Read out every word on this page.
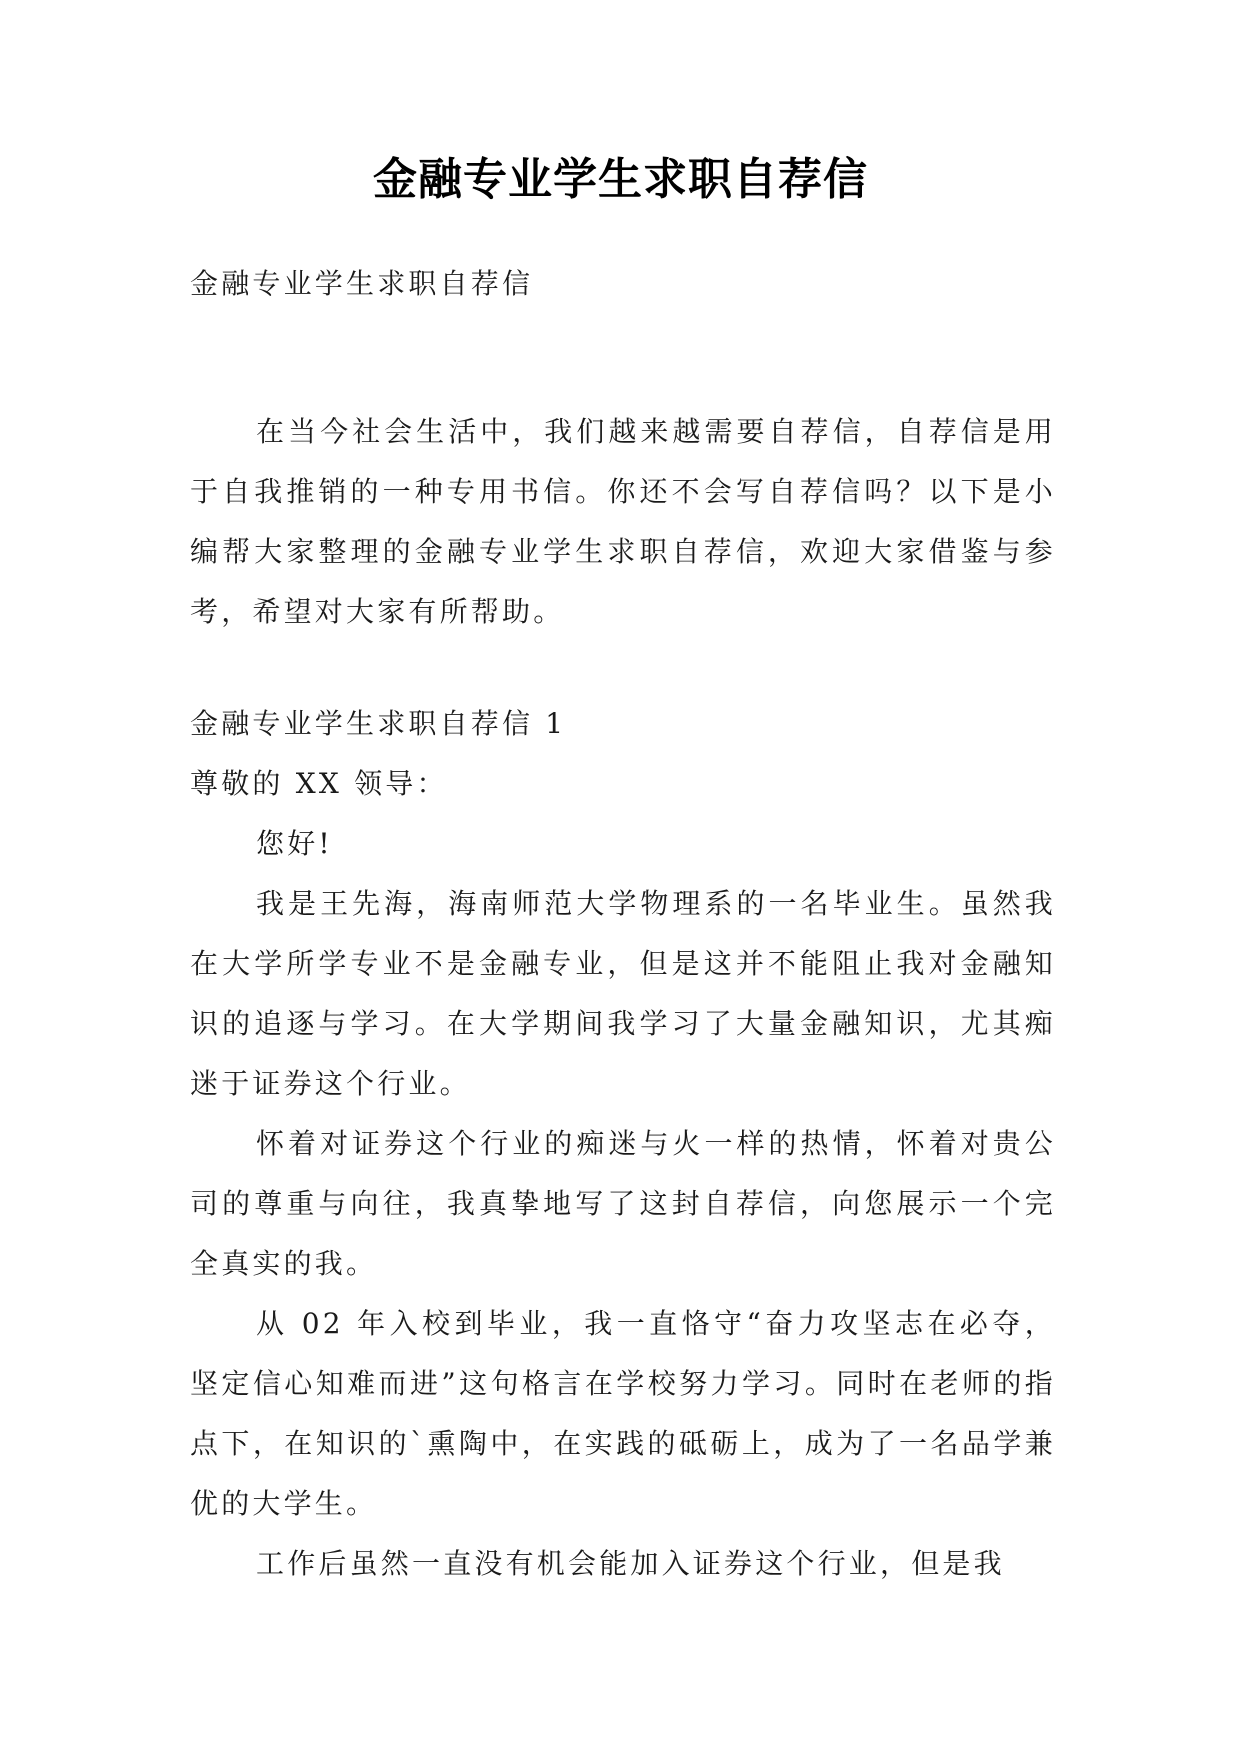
金融专业学生求职自荐信

金融专业学生求职自荐信

在当今社会生活中，我们越来越需要自荐信，自荐信是用于自我推销的一种专用书信。你还不会写自荐信吗？以下是小编帮大家整理的金融专业学生求职自荐信，欢迎大家借鉴与参考，希望对大家有所帮助。

金融专业学生求职自荐信 1

尊敬的 XX 领导：

您好!

我是王先海，海南师范大学物理系的一名毕业生。虽然我在大学所学专业不是金融专业，但是这并不能阻止我对金融知识的追逐与学习。在大学期间我学习了大量金融知识，尤其痴迷于证券这个行业。

怀着对证券这个行业的痴迷与火一样的热情，怀着对贵公司的尊重与向往，我真挚地写了这封自荐信，向您展示一个完全真实的我。

从 02 年入校到毕业，我一直恪守“奋力攻坚志在必夺，坚定信心知难而进”这句格言在学校努力学习。同时在老师的指点下，在知识的`熏陶中，在实践的砥砺上，成为了一名品学兼优的大学生。

工作后虽然一直没有机会能加入证券这个行业，但是我
